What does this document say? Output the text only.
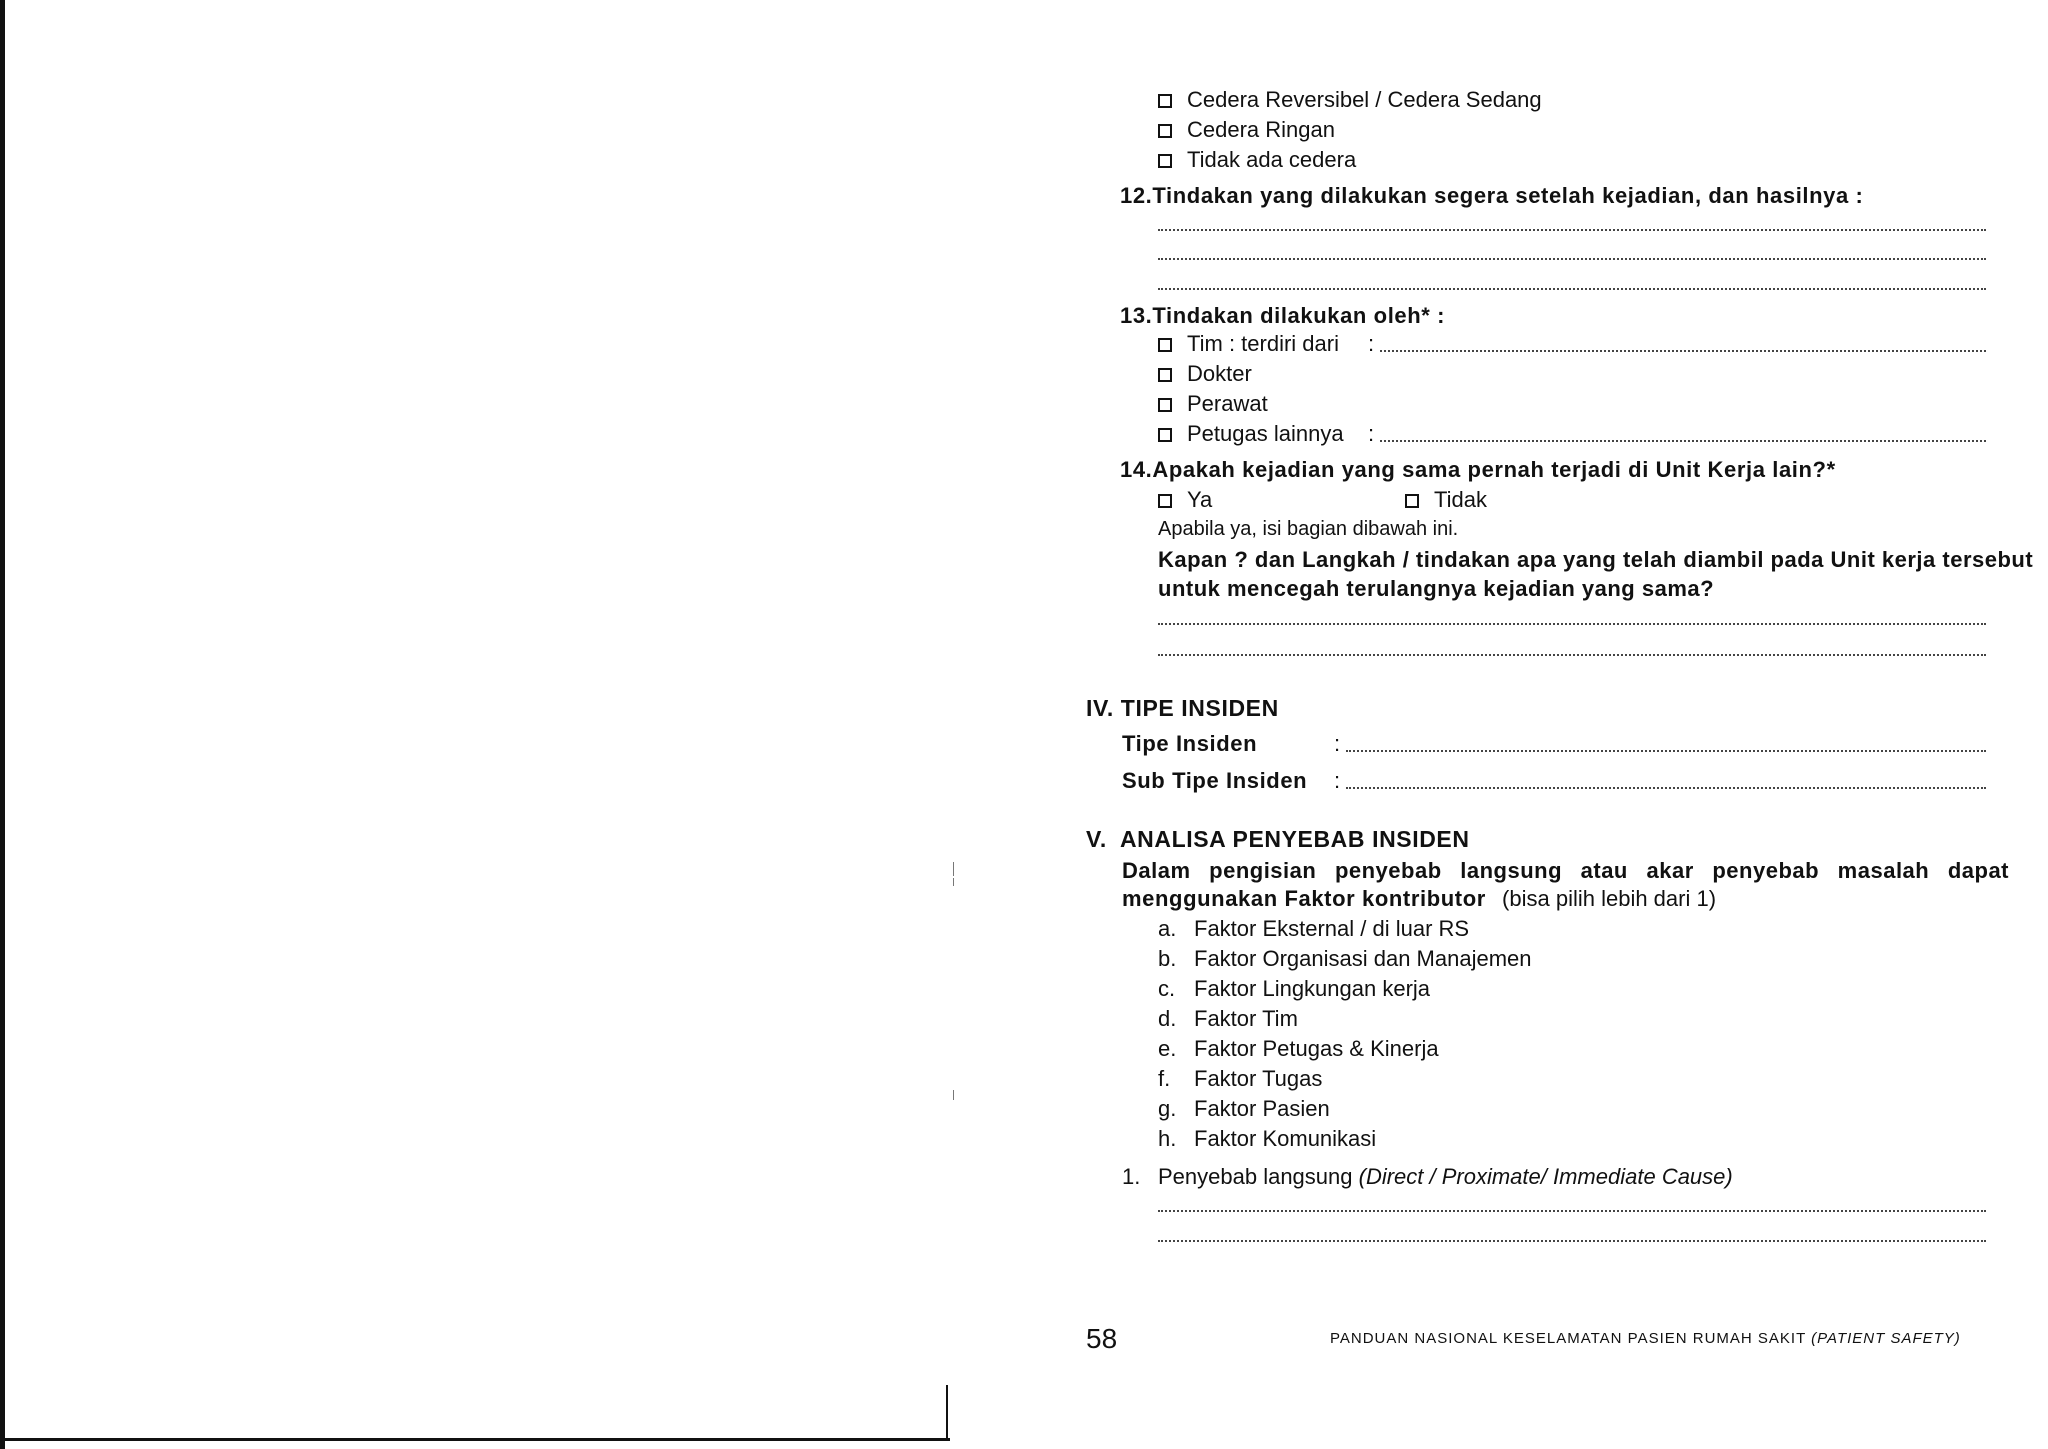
Cedera Reversibel / Cedera Sedang
Cedera Ringan
Tidak ada cedera
12.Tindakan yang dilakukan segera setelah kejadian, dan hasilnya :
13.Tindakan dilakukan oleh* :
Tim : terdiri dari :
Dokter
Perawat
Petugas lainnya :
14.Apakah kejadian yang sama pernah terjadi di Unit Kerja lain?*
Ya	Tidak
Apabila ya, isi bagian dibawah ini.
Kapan ? dan Langkah / tindakan apa yang telah diambil pada Unit kerja tersebut
untuk mencegah terulangnya kejadian yang sama?
IV. TIPE INSIDEN
Tipe Insiden	:
Sub Tipe Insiden :
V.  ANALISA PENYEBAB INSIDEN
Dalam pengisian penyebab langsung atau akar penyebab masalah dapat
menggunakan Faktor kontributor (bisa pilih lebih dari 1)
a. Faktor Eksternal / di luar RS
b. Faktor Organisasi dan Manajemen
c. Faktor Lingkungan kerja
d. Faktor Tim
e. Faktor Petugas & Kinerja
f. Faktor Tugas
g. Faktor Pasien
h. Faktor Komunikasi
1. Penyebab langsung (Direct / Proximate/ Immediate Cause)
58	PANDUAN NASIONAL KESELAMATAN PASIEN RUMAH SAKIT (PATIENT SAFETY)
